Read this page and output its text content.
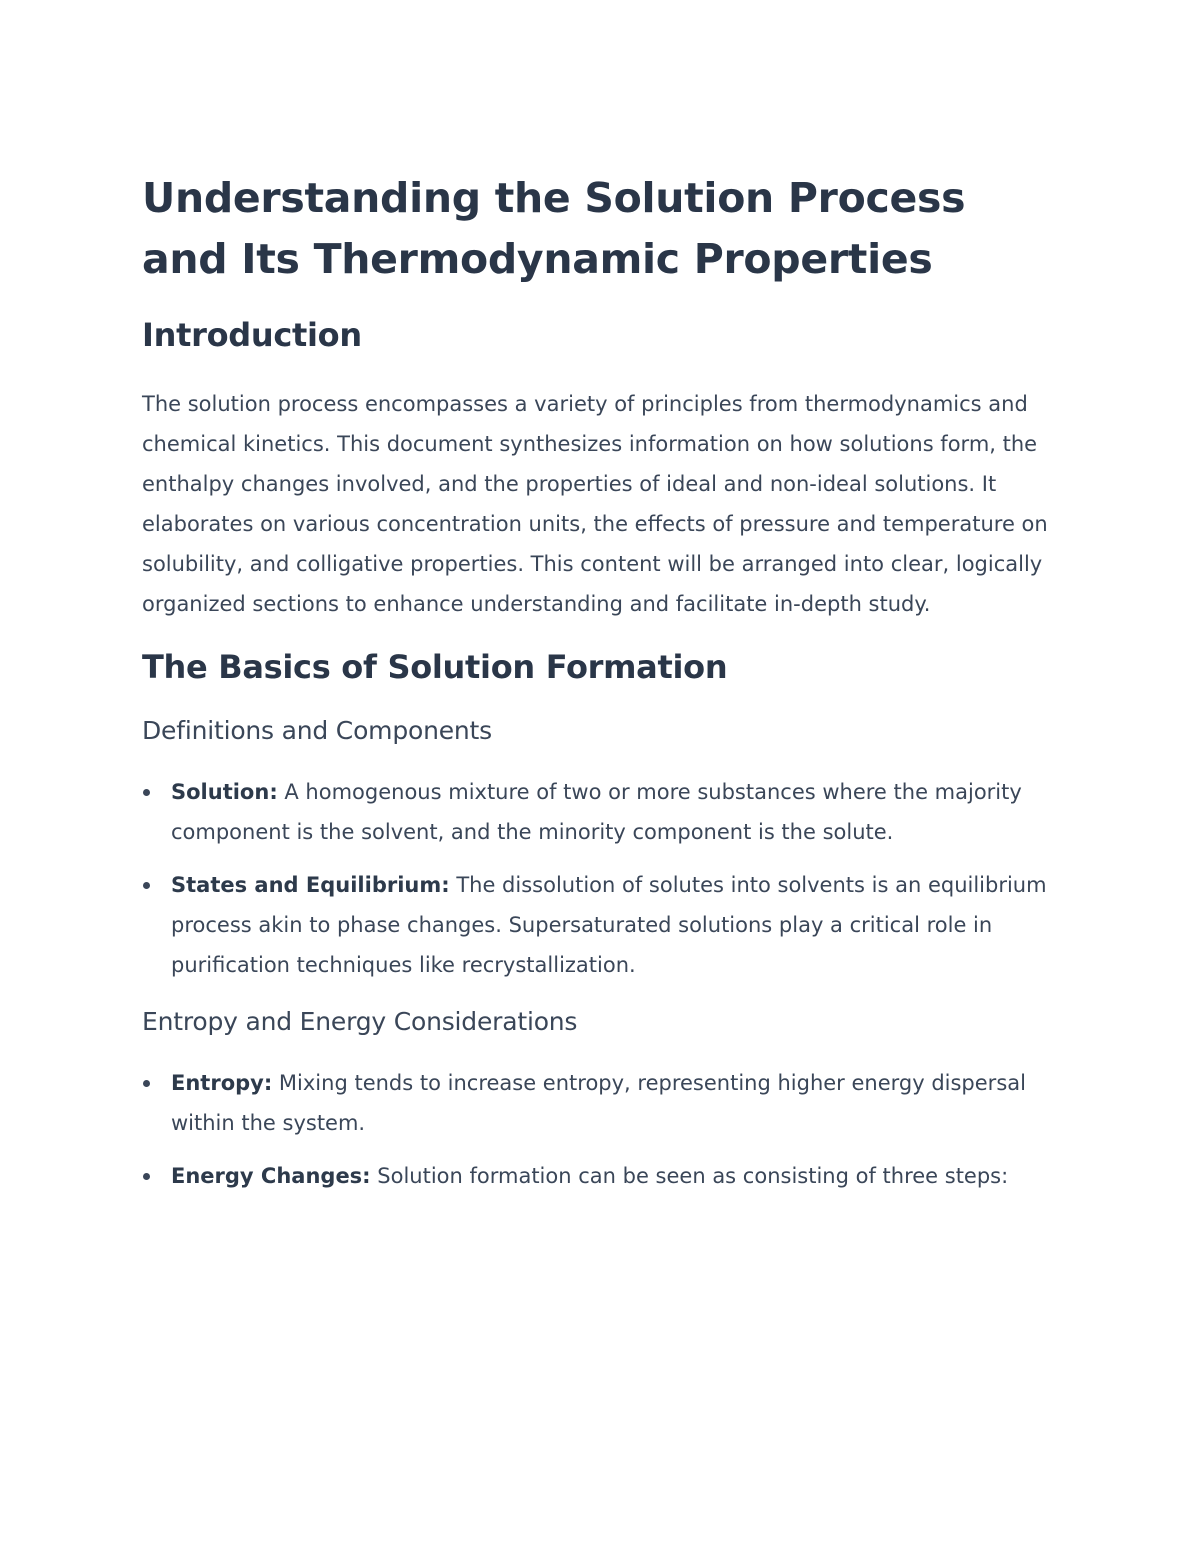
Understanding the Solution Process and Its Thermodynamic Properties
Introduction

The solution process encompasses a variety of principles from thermodynamics and chemical kinetics. This document synthesizes information on how solutions form, the enthalpy changes involved, and the properties of ideal and non-ideal solutions. It elaborates on various concentration units, the effects of pressure and temperature on solubility, and colligative properties. This content will be arranged into clear, logically organized sections to enhance understanding and facilitate in-depth study.

The Basics of Solution Formation
Definitions and Components
Solution: A homogenous mixture of two or more substances where the majority component is the solvent, and the minority component is the solute.
States and Equilibrium: The dissolution of solutes into solvents is an equilibrium process akin to phase changes. Supersaturated solutions play a critical role in purification techniques like recrystallization.
Entropy and Energy Considerations
Entropy: Mixing tends to increase entropy, representing higher energy dispersal within the system.
Energy Changes: Solution formation can be seen as consisting of three steps:
